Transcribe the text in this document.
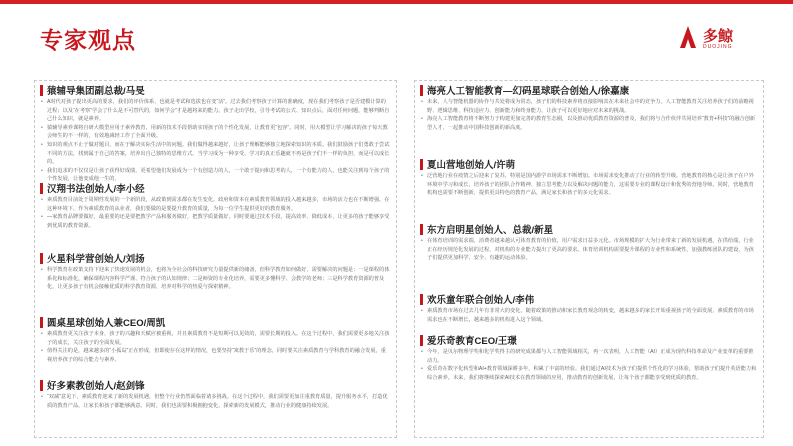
专家观点	多鲸
DUOJING
猿辅导集团副总裁/马旻

• A时代对孩子提出更高的要求，我们的评价体系，也就是考试和选拔也在变“活”。过去我们考察孩子计算的准确度，现在我们考察孩子是否建模计算的过程；以及“在考察”学会了什么是不可替代的，如何学会”才是越将来的能力。孩子走出学校，引导考试的公式、知识点后，面对任何问题，能够判断自己什么知识，就是素养。

• 猿辅导素养课将自研大模型应用于素养教育，用新的技术手段帮助实现孩子的个性化发展，让教育更“包容”。同时，用大模型让学习解决的孩子每天教会师生的不一样的，有效地减轻工作了全面升级。

• 知识的观点不止于做对题目，而在于解决实际生活中的问题。我们做得越来越好，让孩子理解能够独立地探索知识的本质。我们鼓励孩子们勇敢于尝试不同的方法，找到属于自己的答案，培养出自己独特的思维方式。当学习成为一种享受，学习的真正乐趣就不再是孩子们不一样的负担，而是可以成长的。

• 我们追求的不仅仅是让孩子获得好成绩，更希望他们发展成为一个有创造力的人，一个敢于提问和思考的人，一个有能力的人，也能关注到每个孩子的个性发展，让他变成他一生的。

汉翔书法创始人/李小经

• 素质教育目前处于周期性发展的一个新阶段，从政策到需求都在发生变化。政府和资本在素质教育领域的投入越来越多，市场的活力也在不断增强。在这种环境下，作为素质教育的从业者，我们要做的是要提升教育的质量，为每一位学生提供更好的教育服务。

• —家教育品牌要做好，最重要的还是要把教学产品和服务做好，把教学质量做好。同时要通过技术手段，提高效率、降低成本，让更多的孩子能够享受到优质的教育资源。

火星科学营创始人/刘扬

• 科学教育在政策支持下迎来了快速发展的机会，也将为全社会的科技研究力量提供新的储备，但科学教育如何做好，需要解决的问题是：一是课程的体系化和标准化，确保课程内容科学严谨、符合孩子的认知规律；二是师资的专业化培养，需要更多懂科学、会教学的老师；三是科学教育资源的普及化，让更多孩子有机会接触优质的科学教育资源，培养对科学的热爱与探索精神。

圆桌星球创始人兼CEO/周凯

• 素质教育更关注孩子本身，孩子的兴趣和天赋应被重视，并且素质教育不是短期可以见效的，需要长期的投入。在这个过程中，我们需要更多地关注孩子的成长，关注孩子的全面发展。

• 值得关注的是，越来越多的“小孤岛”正在形成，但即使存在这样的情况，也要坚持“寓教于乐”的理念，同时要关注素质教育与学科教育的融合发展，重视培养孩子的综合能力与素养。

好多素教创始人/赵剑锋

• “双减”意见下，素质教育迎来了新的发展机遇，但整个行业仍然面临着诸多挑战。在这个过程中，我们需要更加注重教育质量，提升服务水平，打造优质的教育产品，让家长和孩子都能够满意。同时，我们也需要积极拥抱变化，探索新的发展模式，推动行业的健康持续发展。

海亮人工智能教育—幻码星球联合创始人/徐嘉康

• 未来，人与智能机器的协作与共处将成为常态，孩子们的科技素养将直接影响其在未来社会中的竞争力。人工智能教育关注培养孩子们的前瞻视野、逻辑思维、科技适应力、创新能力和终身能力，让孩子可以更好地应对未来的挑战。

• 海亮人工智能教育将不断努力于构建更加完善的教育生态圈，以及推动优质教育资源的普及，我们将与合作伙伴共同培养“教育+科技”的融合创新型人才，一起推动中国科技创新的新高度。

夏山营地创始人/许萌

• 泛营地行业在疫情之后迎来了复苏，特别是国内游学市场需求不断增加。市场需求变化推动了行业的转型升级。营地教育的核心是让孩子在户外环境中学习和成长，培养孩子的团队合作精神、独立思考能力以及解决问题的能力，这需要专业的课程设计和优秀的营地导师。同时，营地教育机构也需要不断创新，提供更具特色的教育产品，满足家长和孩子的多元化需求。

东方启明星创始人、总裁/新星

• 在体育培训的需求端，消费者越来越认可体育教育的价值，用户需求日益多元化。市场规模的扩大为行业带来了新的发展机遇。在供给端，行业正在经历规范化发展的过程，对机构的专业能力提出了更高的要求。体育培训机构需要提升课程的专业性和系统性，加强教练团队的建设，为孩子们提供更加科学、安全、有趣的运动体验。

欢乐童年联合创始人/李伟

• 素质教育市场在过去几年有非常大的变化，随着政策的推动和家长教育观念的转变，越来越多的家长开始重视孩子的全面发展，素质教育的市场需求也在不断增长，越来越多的机构进入这个领域。

爱乐奇教育CEO/王璟

• 今年，是贝尔物理学奖和化学奖得主的研究成果都与人工智能领域相关，再一次表明，人工智能（AI）正成为现代科技革命及产业变革的重要推动力。

• 爱乐奇在数字化转型和AI+教育领域深耕多年，积累了丰富的经验。我们通过AI技术为孩子们提供个性化的学习体验，帮助孩子们提升英语能力和综合素养。未来，我们将继续探索AI技术在教育领域的应用，推动教育的创新发展，让每个孩子都能享受到优质的教育。
